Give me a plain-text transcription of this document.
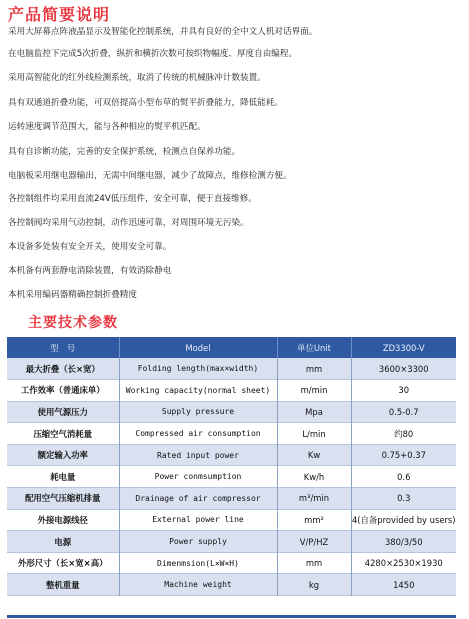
产品简要说明
采用大屏幕点阵液晶显示及智能化控制系统，并具有良好的全中文人机对话界面。
在电脑监控下完成5次折叠，纵折和横折次数可按织物幅度、厚度自由编程。
采用高智能化的红外线检测系统，取消了传统的机械脉冲计数装置。
具有双通道折叠功能，可双倍提高小型布草的熨平折叠能力，降低能耗。
运转速度调节范围大，能与各种相应的熨平机匹配。
具有自诊断功能，完善的安全保护系统，检测点自保养功能。
电脑板采用继电器输出，无需中间继电器，减少了故障点，维修检测方便。
各控制组件均采用直流24V低压组件，安全可靠，便于直接维修。
各控制阀均采用气动控制，动作迅速可靠，对周围环境无污染。
本设备多处装有安全开关，使用安全可靠。
本机备有两套静电消除装置，有效消除静电
本机采用编码器精确控制折叠精度
主要技术参数
型　号	Model	单位Unit	ZD3300-V
最大折叠（长×宽）	Folding length(max×width)	mm	3600×3300
工作效率（普通床单）	Working capacity(normal sheet)	m/min	30
使用气源压力	Supply pressure	Mpa	0.5-0.7
压缩空气消耗量	Compressed air consumption	L/min	约80
额定输入功率	Rated input power	Kw	0.75+0.37
耗电量	Power conmsumption	Kw/h	0.6
配用空气压缩机排量	Drainage of air compressor	m³/min	0.3
外接电源线径	External power line	mm²	4(自备provided by users)
电源	Power supply	V/P/HZ	380/3/50
外形尺寸（长×宽×高）	Dimenmsion(L×W×H)	mm	4280×2530×1930
整机重量	Machine weight	kg	1450
